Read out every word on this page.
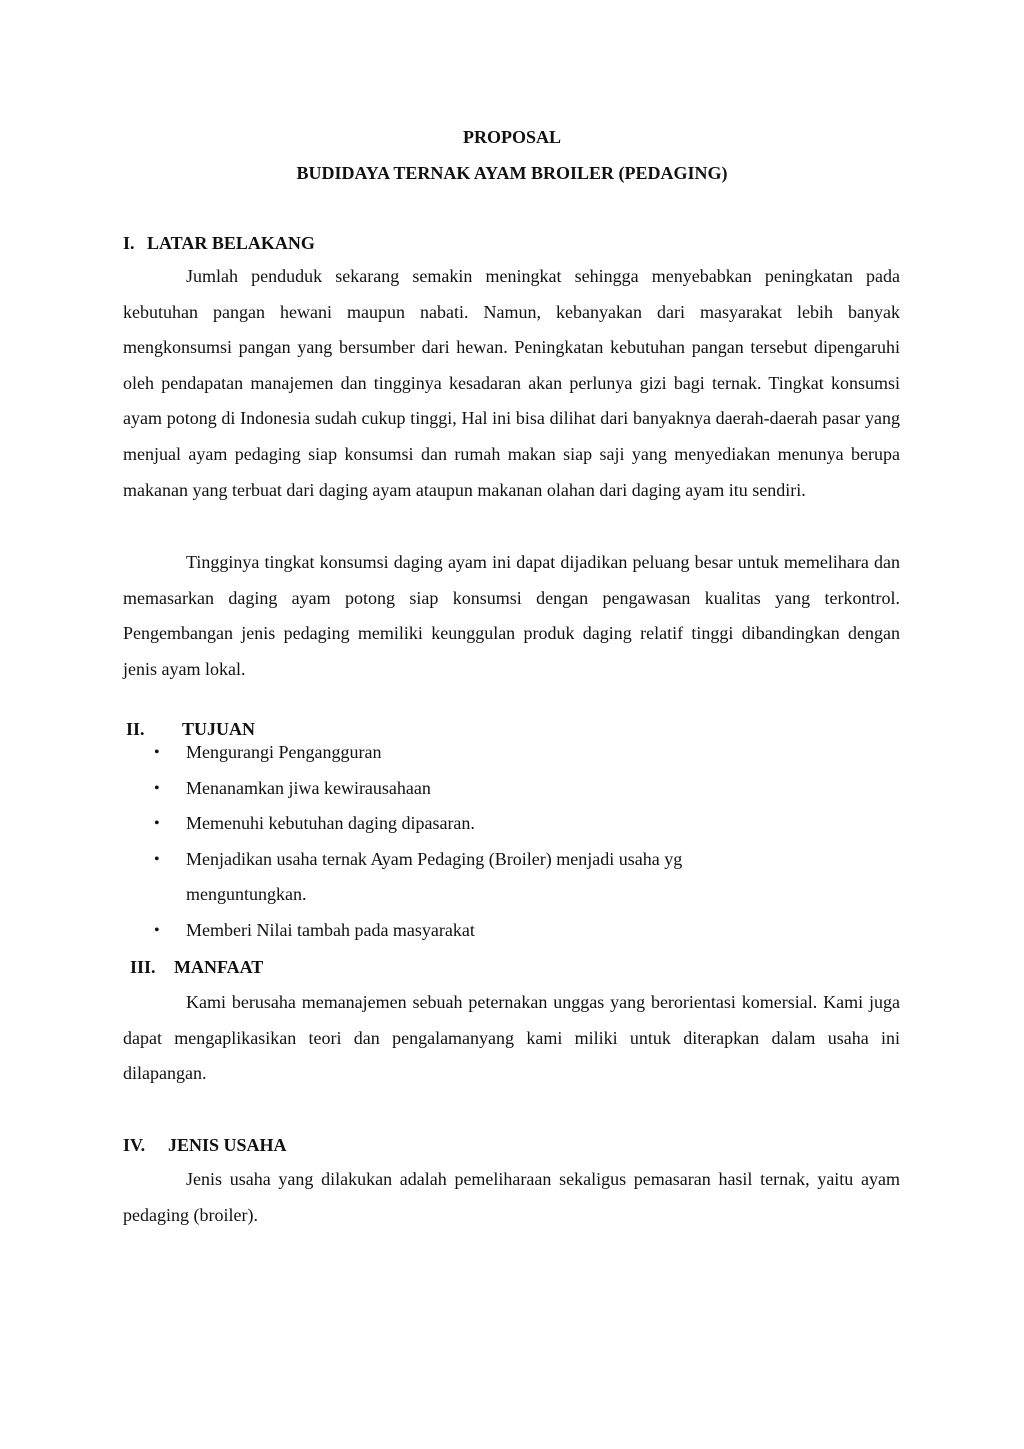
PROPOSAL
BUDIDAYA TERNAK AYAM BROILER (PEDAGING)
I. LATAR BELAKANG

Jumlah penduduk sekarang semakin meningkat sehingga menyebabkan peningkatan pada kebutuhan pangan hewani maupun nabati. Namun, kebanyakan dari masyarakat lebih banyak mengkonsumsi pangan yang bersumber dari hewan. Peningkatan kebutuhan pangan tersebut dipengaruhi oleh pendapatan manajemen dan tingginya kesadaran akan perlunya gizi bagi ternak. Tingkat konsumsi ayam potong di Indonesia sudah cukup tinggi, Hal ini bisa dilihat dari banyaknya daerah-daerah pasar yang menjual ayam pedaging siap konsumsi dan rumah makan siap saji yang menyediakan menunya berupa makanan yang terbuat dari daging ayam ataupun makanan olahan dari daging ayam itu sendiri.

Tingginya tingkat konsumsi daging ayam ini dapat dijadikan peluang besar untuk memelihara dan memasarkan daging ayam potong siap konsumsi dengan pengawasan kualitas yang terkontrol. Pengembangan jenis pedaging memiliki keunggulan produk daging relatif tinggi dibandingkan dengan jenis ayam lokal.

II. TUJUAN
• Mengurangi Pengangguran
• Menanamkan jiwa kewirausahaan
• Memenuhi kebutuhan daging dipasaran.
• Menjadikan usaha ternak Ayam Pedaging (Broiler) menjadi usaha yg menguntungkan.
• Memberi Nilai tambah pada masyarakat
III. MANFAAT

Kami berusaha memanajemen sebuah peternakan unggas yang berorientasi komersial. Kami juga dapat mengaplikasikan teori dan pengalamanyang kami miliki untuk diterapkan dalam usaha ini dilapangan.

IV. JENIS USAHA

Jenis usaha yang dilakukan adalah pemeliharaan sekaligus pemasaran hasil ternak, yaitu ayam pedaging (broiler).
